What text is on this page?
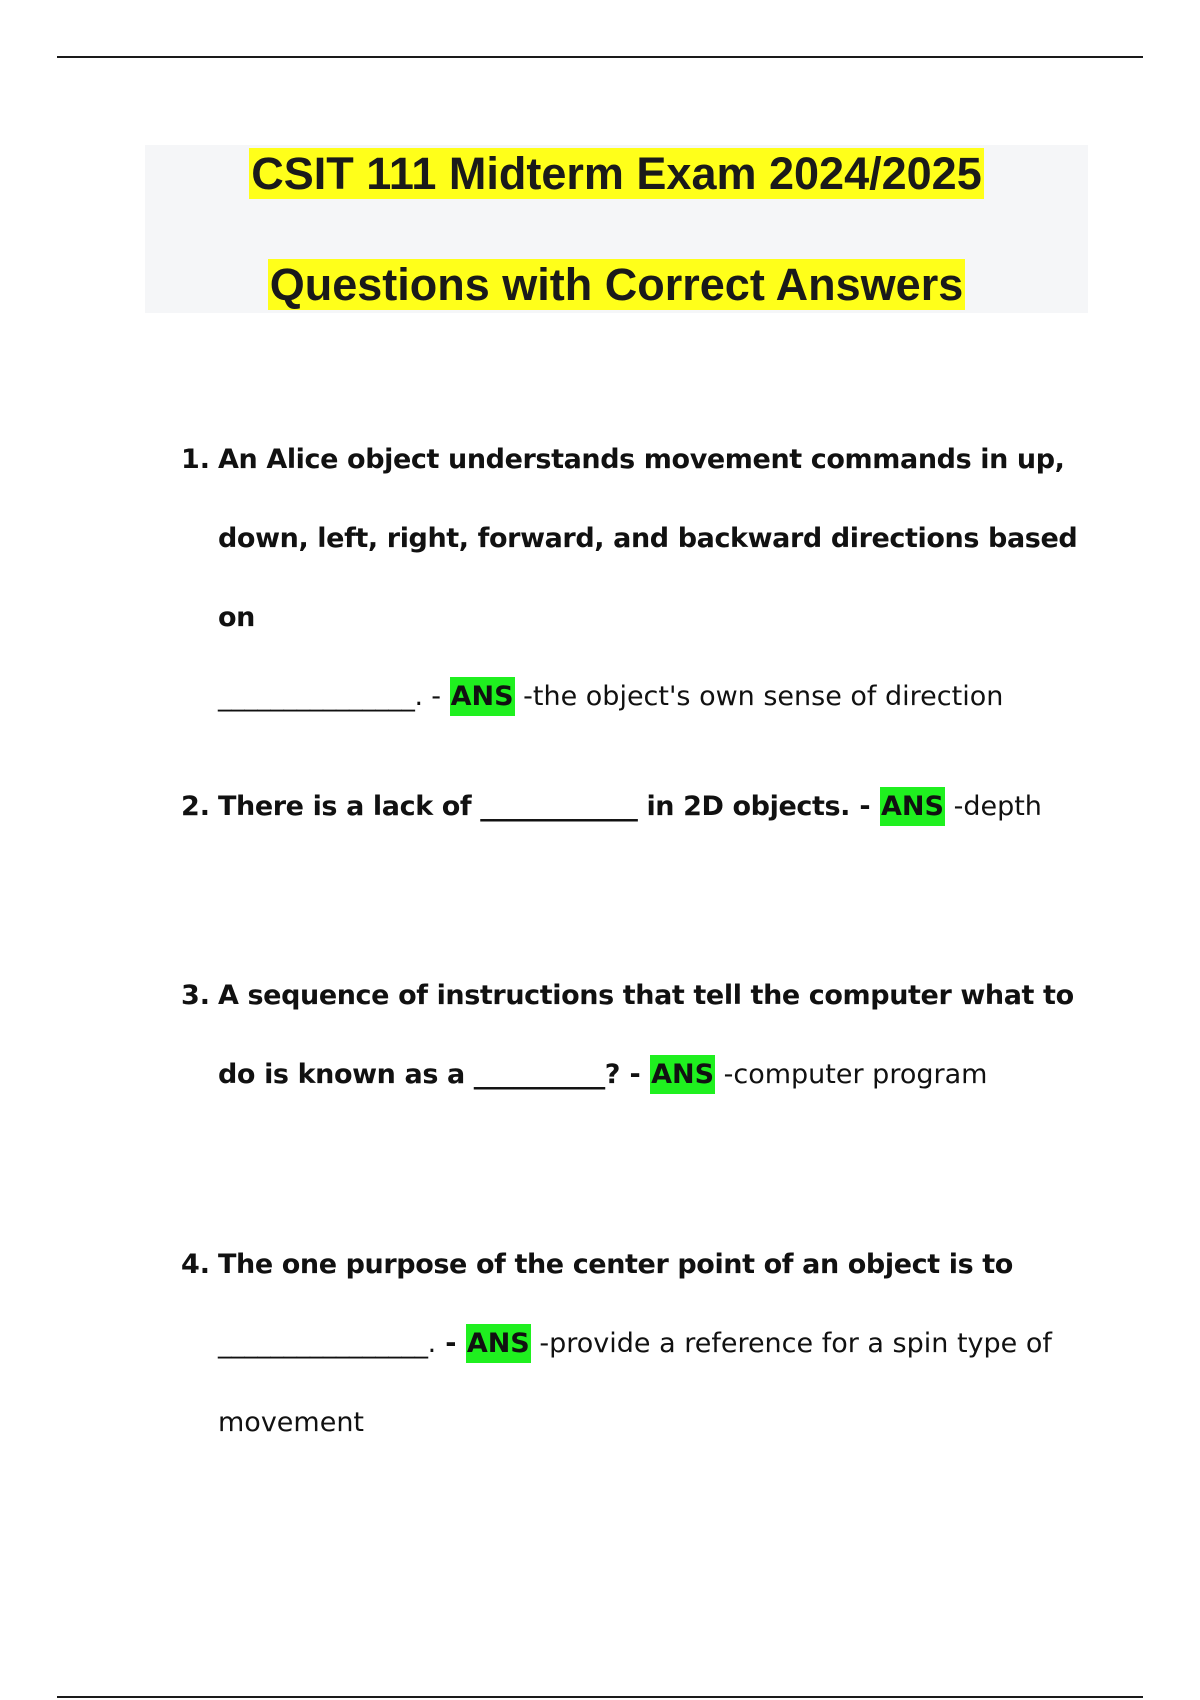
CSIT 111 Midterm Exam 2024/2025
Questions with Correct Answers
1. An Alice object understands movement commands in up, down, left, right, forward, and backward directions based on
_______________. - ANS -the object's own sense of direction
2. There is a lack of ____________ in 2D objects. - ANS -depth
3. A sequence of instructions that tell the computer what to do is known as a __________? - ANS -computer program
4. The one purpose of the center point of an object is to
________________. - ANS -provide a reference for a spin type of movement
